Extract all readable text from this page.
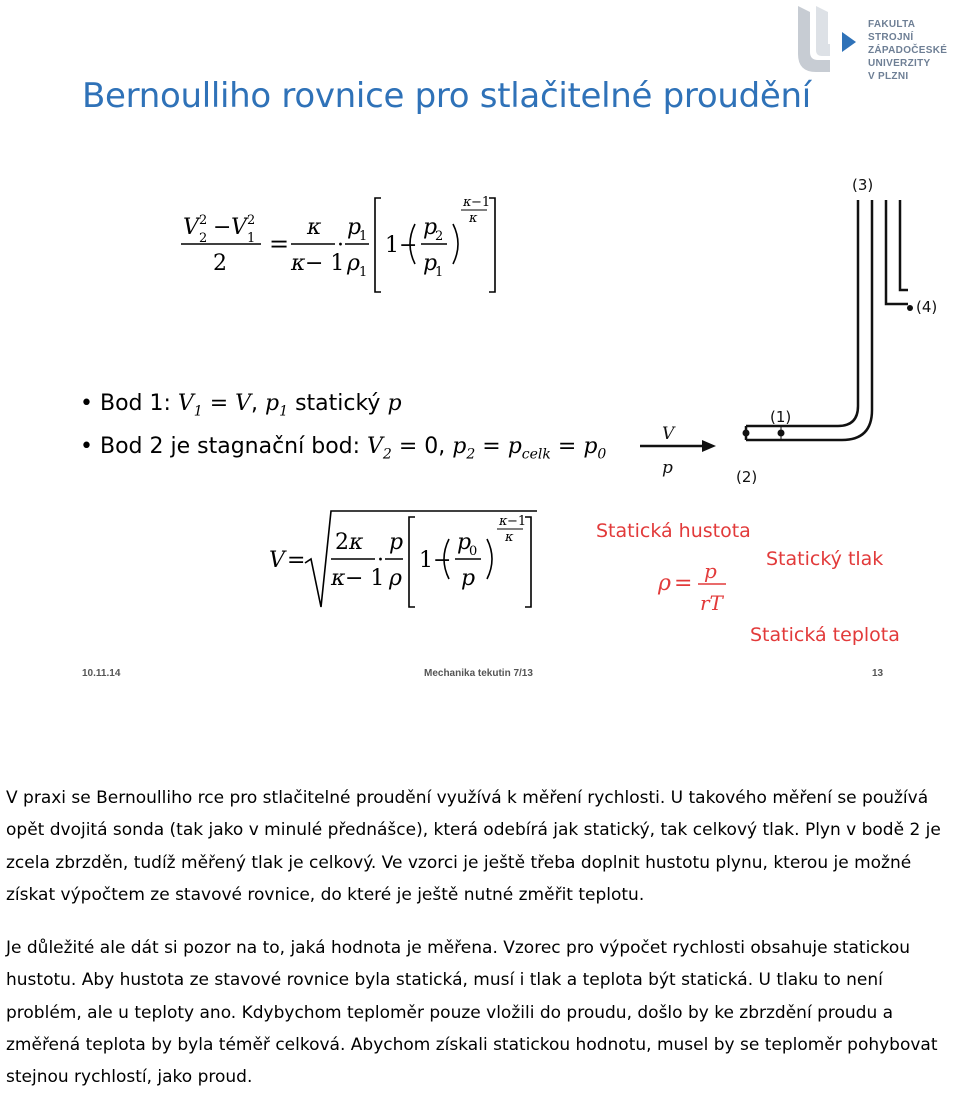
FAKULTA STROJNÍ
ZÁPADOČESKÉ
UNIVERZITY
V PLZNI
Bernoulliho rovnice pro stlačitelné proudění
V 2
2 − V 1
2
2
=
κ
κ − 1
·
p
1
ρ 1
1−
p
2
p
1
κ −1
κ
• Bod 1: $V_1 = V$, $p_1$ statický p
• Bod 2 je stagnační bod: $V_2 = 0$, $p_2 = p_{celk} = p_0$
(3)
(4)
(1)
(2)
V
p
V =
2 κ
κ − 1
·
p
ρ
1−
p
0
p
κ −1
κ	Statická hustota
Statický tlak
Statická teplota
ρ = p
rT
10.11.14	Mechanika tekutin 7/13	13

V praxi se Bernoulliho rce pro stlačitelné proudění využívá k měření rychlosti. U takového měření se používá opět dvojitá sonda (tak jako v minulé přednášce), která odebírá jak statický, tak celkový tlak. Plyn v bodě 2 je zcela zbrzděn, tudíž měřený tlak je celkový. Ve vzorci je ještě třeba doplnit hustotu plynu, kterou je možné získat výpočtem ze stavové rovnice, do které je ještě nutné změřit teplotu.

Je důležité ale dát si pozor na to, jaká hodnota je měřena. Vzorec pro výpočet rychlosti obsahuje statickou hustotu. Aby hustota ze stavové rovnice byla statická, musí i tlak a teplota být statická. U tlaku to není problém, ale u teploty ano. Kdybychom teploměr pouze vložili do proudu, došlo by ke zbrzdění proudu a změřená teplota by byla téměř celková. Abychom získali statickou hodnotu, musel by se teploměr pohybovat stejnou rychlostí, jako proud.
